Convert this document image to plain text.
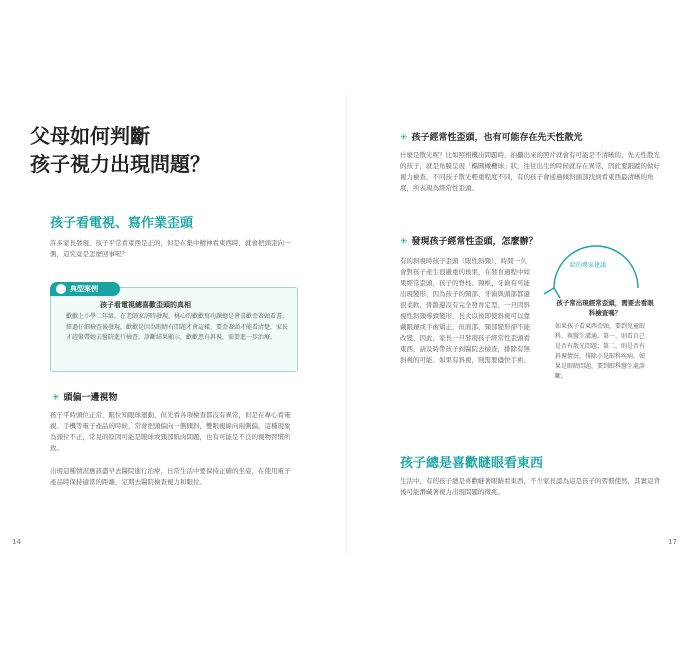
父母如何判斷
孩子視力出現問題？
孩子看電視、寫作業歪頭
許多家長發現，孩子平常看東西是正的，但是在集中精神看東西時，就會把頭歪向一側，這究竟是怎麼回事呢？
典型案例
孩子看電視總喜歡歪頭的真相
歡歡上小學二年級，在老師家訪時發現，桃心的歡歡寫功課總是會喜歡歪著頭看書，經過仔細檢查後發現，歡歡是因為眼睛有問題才會這樣，要歪著頭才能看清楚，家長才趕緊帶她去醫院進行檢查，診斷結果顯示，歡歡患有斜視，需要進一步治療。
✳ 頭偏一邊視物
孩子平時頭位正常，眼位知眼球運動，但光看各項檢查都沒有異常，但是在專心看電視、手機等電子產品的時候，常會把頭偏向一側傾斜，雙眼視線向兩側偏，這種現象為頭位不正，常見的原因可能是眼球或頸部肌肉問題，也有可能是不良的視物習慣所致。
出現這種情況應該盡早去醫院進行治療，日常生活中要保持正確的坐姿，在使用電子產品時保持適當的距離，定期去醫院檢查視力和眼位。
14
✳ 孩子經常性歪頭，也有可能存在先天性散光
什麼是散光呢？比如照相機出問題時，拍攝出來的照片就會有可能是不清晰的，先天性散光的孩子，就是角膜呈現「橢圓橄欖球」狀，往往出生的時候就存在異常，因此要跟蹤的做好視力檢查，不同孩子散光輕重程度不同，有的孩子會通過傾斜頭部找到看東西最清晰的角度，所表現為經常性歪頭。
✳ 發現孩子經常性歪頭，怎麼辦？
有的斜視時孩子歪頭（眼性斜頸），時間一久會對孩子產生很嚴重的後果，在發育過程中如果經常歪頭，孩子的脊柱、頸椎、牙齒有可能出現變形，因為孩子的頸部、牙齒與頭部都還很柔軟，骨骼還沒有完全發育定型，一旦因斜視性斜頸導致變形，長大以後即使斜視可以靠戴眼鏡或手術矯正，但面部、頸部變形卻不能改變，因此，家長一旦發現孩子經常性歪頭看東西，請及時帶孩子到醫院去檢查，排除有無斜視的可能。如果有斜視，則需要儘快手術。
給的專家建議
孩子常出現經常歪頭，需要去看眼科檢查嗎？
如果孩子看東西歪頭，要到兒童眼科，與醫生溝通，第一、則看自己是否有散光問題；第二、則是否有斜視情況，排除小兒眼科疾病，如果是眼睛問題，要到眼科醫生處診斷。
孩子總是喜歡瞇眼看東西
生活中，有的孩子總是喜歡瞇著眼睛看東西，不少家長認為這是孩子的習慣使然，其實這背後可能潛藏著視力出現問題的徵兆。
17
